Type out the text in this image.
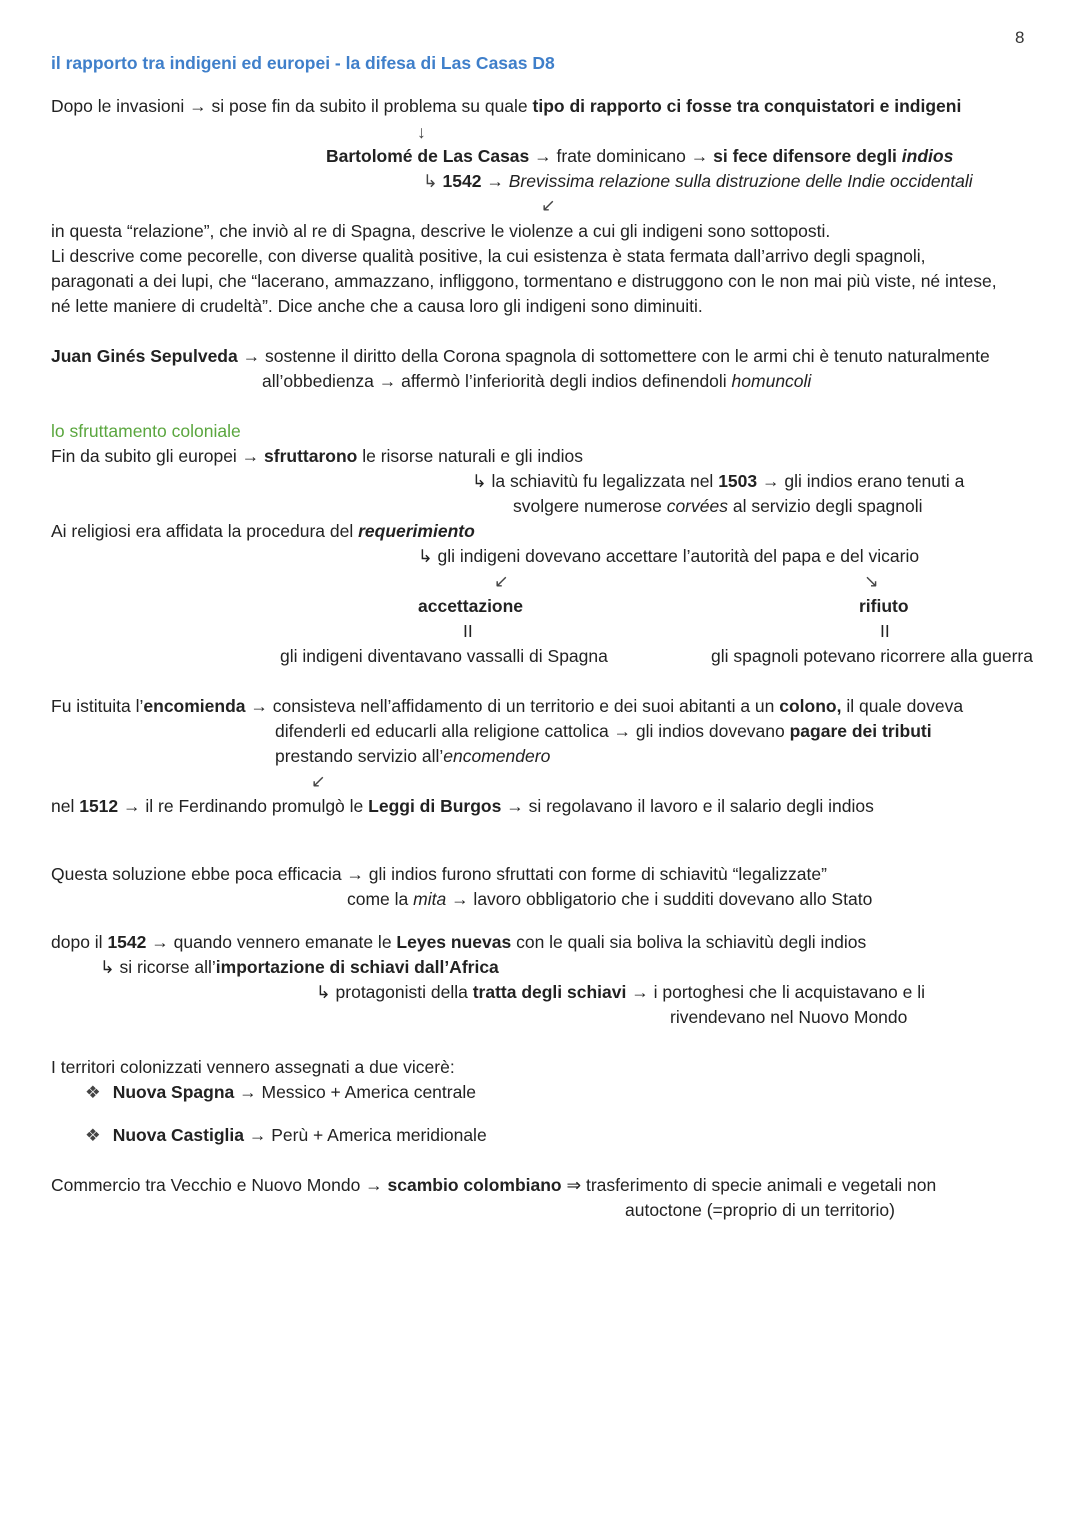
8
il rapporto tra indigeni ed europei - la difesa di Las Casas D8
Dopo le invasioni → si pose fin da subito il problema su quale tipo di rapporto ci fosse tra conquistatori e indigeni
↓
Bartolomé de Las Casas → frate dominicano → si fece difensore degli indios
↳ 1542 → Brevissima relazione sulla distruzione delle Indie occidentali
↙
in questa “relazione”, che inviò al re di Spagna, descrive le violenze a cui gli indigeni sono sottoposti.
Li descrive come pecorelle, con diverse qualità positive, la cui esistenza è stata fermata dall’arrivo degli spagnoli,
paragonati a dei lupi, che “lacerano, ammazzano, infliggono, tormentano e distruggono con le non mai più viste, né intese,
né lette maniere di crudeltà”. Dice anche che a causa loro gli indigeni sono diminuiti.
Juan Ginés Sepulveda → sostenne il diritto della Corona spagnola di sottomettere con le armi chi è tenuto naturalmente
all’obbedienza → affermò l’inferiorità degli indios definendoli homuncoli
lo sfruttamento coloniale
Fin da subito gli europei → sfruttarono le risorse naturali e gli indios
↳ la schiavitù fu legalizzata nel 1503 → gli indios erano tenuti a
svolgere numerose corvées al servizio degli spagnoli
Ai religiosi era affidata la procedura del requerimiento
↳ gli indigeni dovevano accettare l’autorità del papa e del vicario
↙	↘
accettazione	rifiuto
II	II
gli indigeni diventavano vassalli di Spagna	gli spagnoli potevano ricorrere alla guerra
Fu istituita l’encomienda → consisteva nell’affidamento di un territorio e dei suoi abitanti a un colono, il quale doveva
difenderli ed educarli alla religione cattolica → gli indios dovevano pagare dei tributi
prestando servizio all’encomendero
↙
nel 1512 → il re Ferdinando promulgò le Leggi di Burgos → si regolavano il lavoro e il salario degli indios
Questa soluzione ebbe poca efficacia → gli indios furono sfruttati con forme di schiavitù “legalizzate”
come la mita → lavoro obbligatorio che i sudditi dovevano allo Stato
dopo il 1542 → quando vennero emanate le Leyes nuevas con le quali sia boliva la schiavitù degli indios
↳ si ricorse all’importazione di schiavi dall’Africa
↳ protagonisti della tratta degli schiavi → i portoghesi che li acquistavano e li
rivendevano nel Nuovo Mondo
I territori colonizzati vennero assegnati a due vicerè:
❖ Nuova Spagna → Messico + America centrale
❖ Nuova Castiglia → Perù + America meridionale
Commercio tra Vecchio e Nuovo Mondo → scambio colombiano ⇒ trasferimento di specie animali e vegetali non
autoctone (=proprio di un territorio)
